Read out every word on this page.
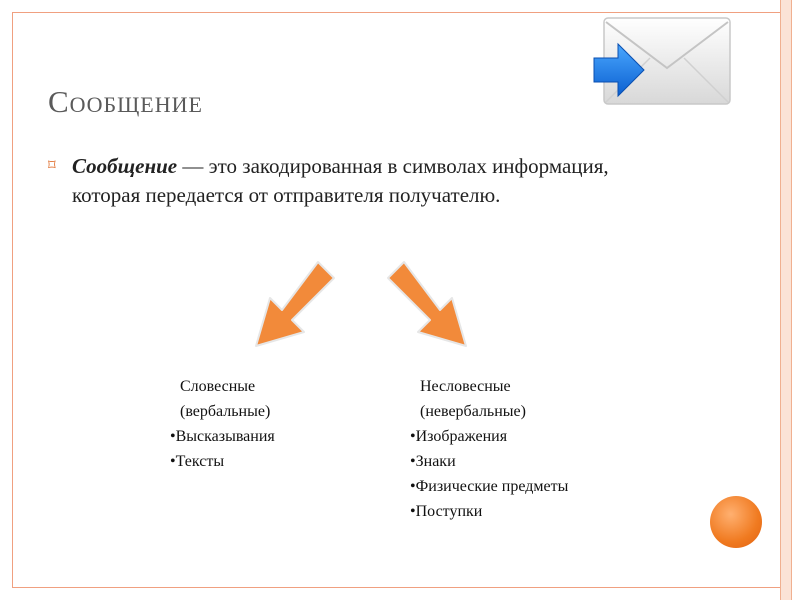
Сообщение
⌑ Сообщение — это закодированная в символах информация, которая передается от отправителя получателю.
Словесные
(вербальные)
• Высказывания
• Тексты
Несловесные
(невербальные)
• Изображения
• Знаки
• Физические предметы
• Поступки
